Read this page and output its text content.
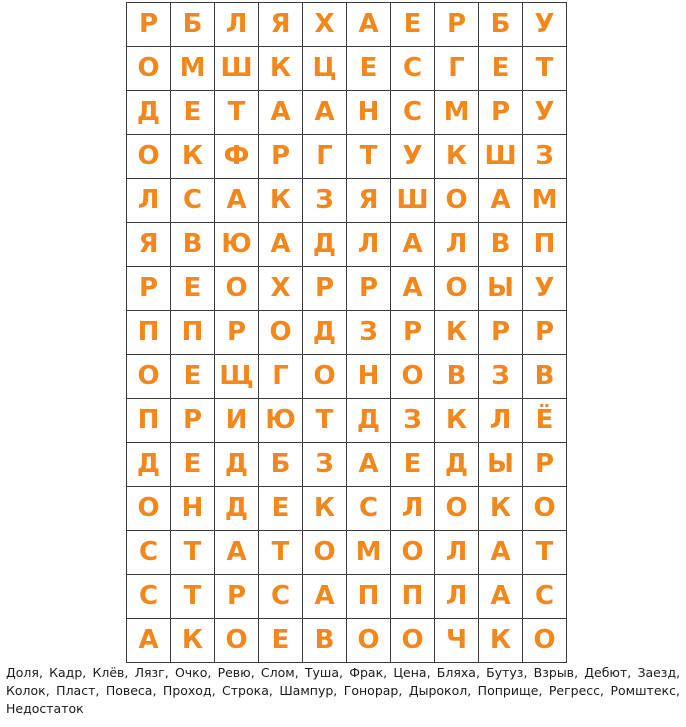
Р	Б	Л	Я	Х	А	Е	Р	Б	У
О	М	Ш	К	Ц	Е	С	Г	Е	Т
Д	Е	Т	А	А	Н	С	М	Р	У
О	К	Ф	Р	Г	Т	У	К	Ш	З
Л	С	А	К	З	Я	Ш	О	А	М
Я	В	Ю	А	Д	Л	А	Л	В	П
Р	Е	О	Х	Р	Р	А	О	Ы	У
П	П	Р	О	Д	З	Р	К	Р	Р
О	Е	Щ	Г	О	Н	О	В	З	В
П	Р	И	Ю	Т	Д	З	К	Л	Ё
Д	Е	Д	Б	З	А	Е	Д	Ы	Р
О	Н	Д	Е	К	С	Л	О	К	О
С	Т	А	Т	О	М	О	Л	А	Т
С	Т	Р	С	А	П	П	Л	А	С
А	К	О	Е	В	О	О	Ч	К	О
Доля, Кадр, Клёв, Лязг, Очко, Ревю, Слом, Туша, Фрак, Цена, Бляха, Бутуз, Взрыв, Дебют, Заезд, Колок, Пласт, Повеса, Проход, Строка, Шампур, Гонорар, Дырокол, Поприще, Регресс, Ромштекс, Недостаток
